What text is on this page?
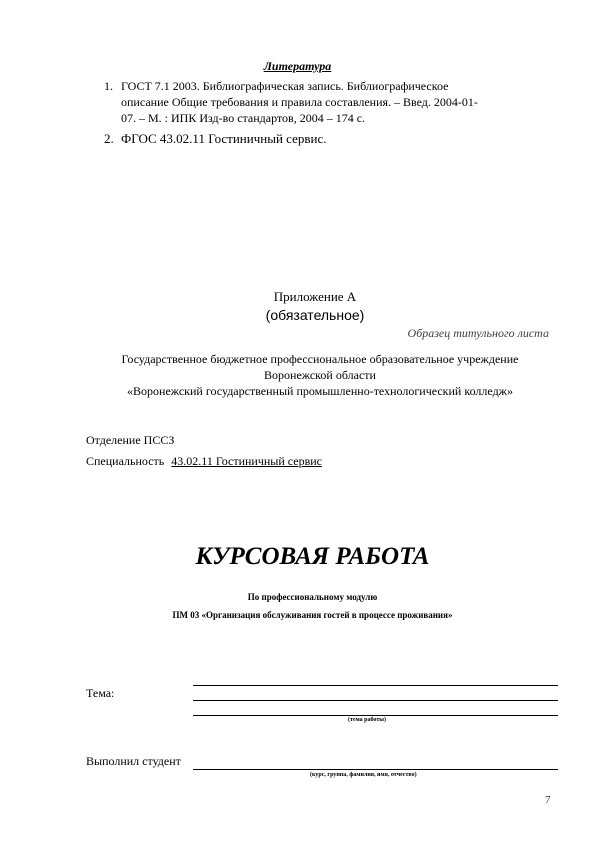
Литература
1. ГОСТ 7.1 2003. Библиографическая запись. Библиографическое
описание Общие требования и правила составления. – Введ. 2004-01-
07. – М. : ИПК Изд-во стандартов, 2004 – 174 с.
2. ФГОС 43.02.11 Гостиничный сервис.
Приложение А
(обязательное)
Образец титульного листа
Государственное бюджетное профессиональное образовательное учреждение
Воронежской области
«Воронежский государственный промышленно-технологический колледж»
Отделение ПССЗ
Специальность 43.02.11 Гостиничный сервис
КУРСОВАЯ РАБОТА
По профессиональному модулю
ПМ 03 «Организация обслуживания гостей в процессе проживания»
Тема:
(тема работы)
Выполнил студент
(курс, группа, фамилия, имя, отчество)
7
